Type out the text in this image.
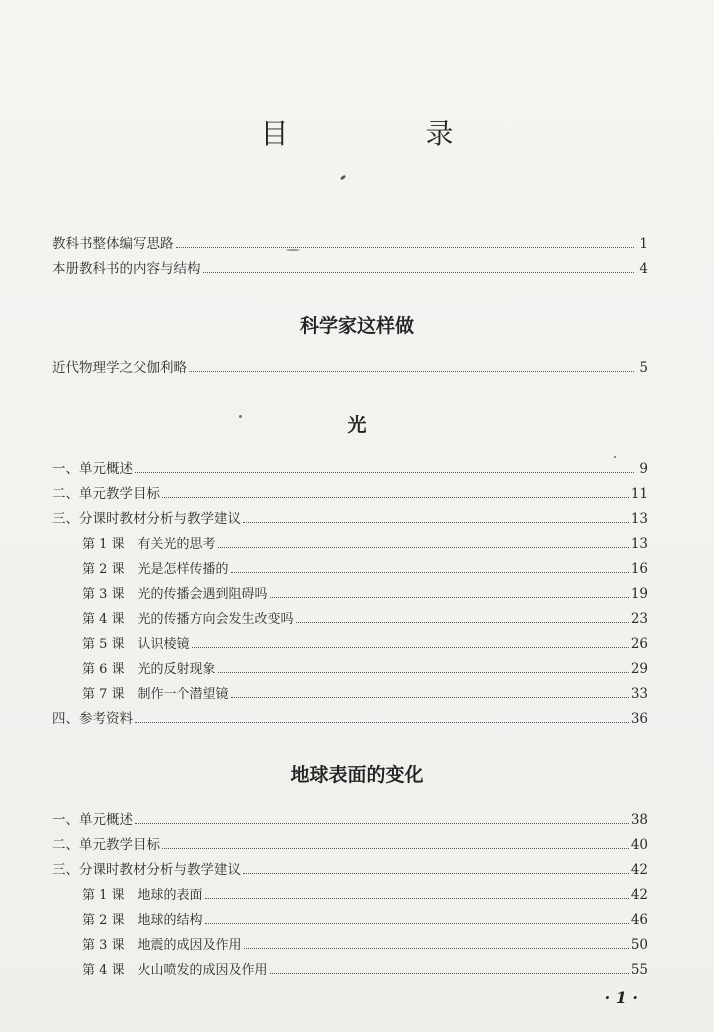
目 录
教科书整体编写思路	1
本册教科书的内容与结构	4
科学家这样做
近代物理学之父伽利略	5
光
一、单元概述	9
二、单元教学目标	11
三、分课时教材分析与教学建议	13
第 1 课　有关光的思考	13
第 2 课　光是怎样传播的	16
第 3 课　光的传播会遇到阻碍吗	19
第 4 课　光的传播方向会发生改变吗	23
第 5 课　认识棱镜	26
第 6 课　光的反射现象	29
第 7 课　制作一个潜望镜	33
四、参考资料	36
地球表面的变化
一、单元概述	38
二、单元教学目标	40
三、分课时教材分析与教学建议	42
第 1 课　地球的表面	42
第 2 课　地球的结构	46
第 3 课　地震的成因及作用	50
第 4 课　火山喷发的成因及作用	55
· 1 ·
